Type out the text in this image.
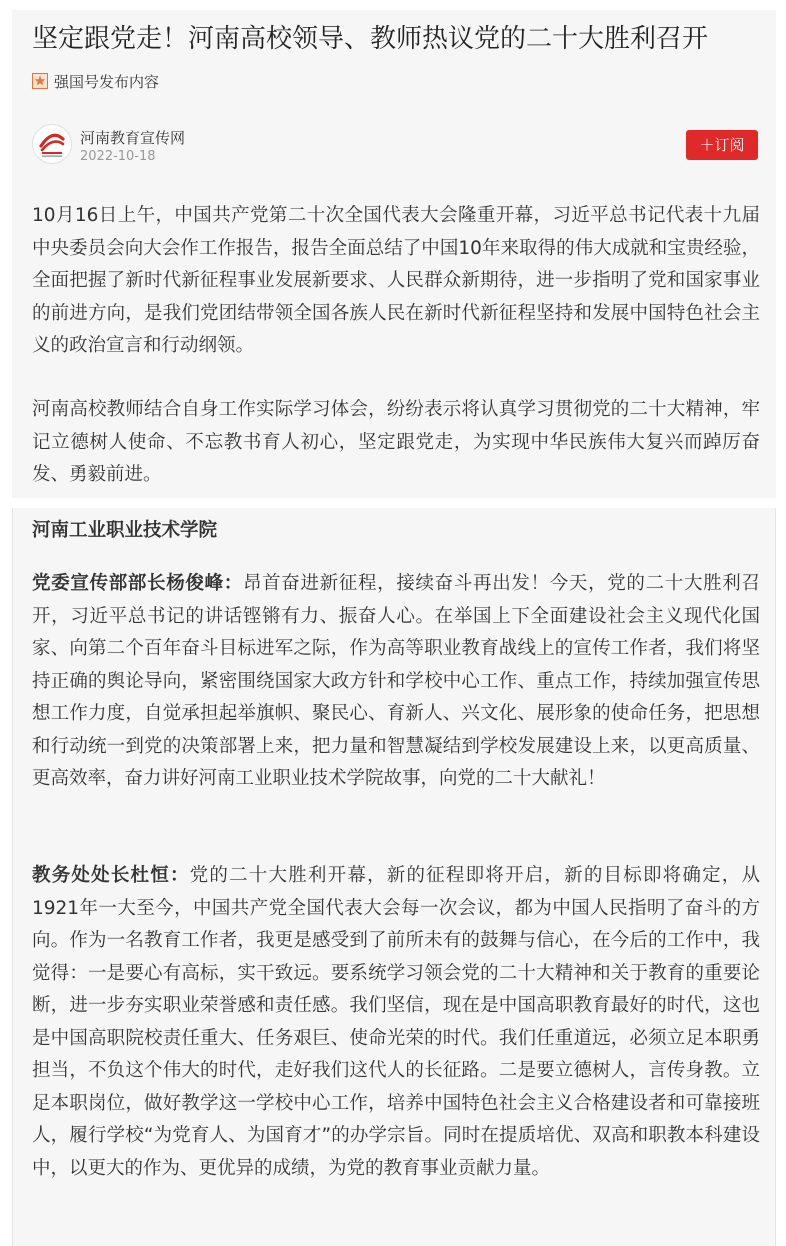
坚定跟党走！河南高校领导、教师热议党的二十大胜利召开
强国号发布内容
河南教育宣传网
2022-10-18
＋订阅

10月16日上午，中国共产党第二十次全国代表大会隆重开幕，习近平总书记代表十九届中央委员会向大会作工作报告，报告全面总结了中国10年来取得的伟大成就和宝贵经验，全面把握了新时代新征程事业发展新要求、人民群众新期待，进一步指明了党和国家事业的前进方向，是我们党团结带领全国各族人民在新时代新征程坚持和发展中国特色社会主义的政治宣言和行动纲领。

河南高校教师结合自身工作实际学习体会，纷纷表示将认真学习贯彻党的二十大精神，牢记立德树人使命、不忘教书育人初心，坚定跟党走，为实现中华民族伟大复兴而踔厉奋发、勇毅前进。

河南工业职业技术学院

党委宣传部部长杨俊峰：昂首奋进新征程，接续奋斗再出发！今天，党的二十大胜利召开，习近平总书记的讲话铿锵有力、振奋人心。在举国上下全面建设社会主义现代化国家、向第二个百年奋斗目标进军之际，作为高等职业教育战线上的宣传工作者，我们将坚持正确的舆论导向，紧密围绕国家大政方针和学校中心工作、重点工作，持续加强宣传思想工作力度，自觉承担起举旗帜、聚民心、育新人、兴文化、展形象的使命任务，把思想和行动统一到党的决策部署上来，把力量和智慧凝结到学校发展建设上来，以更高质量、更高效率，奋力讲好河南工业职业技术学院故事，向党的二十大献礼！

教务处处长杜恒：党的二十大胜利开幕，新的征程即将开启，新的目标即将确定，从1921年一大至今，中国共产党全国代表大会每一次会议，都为中国人民指明了奋斗的方向。作为一名教育工作者，我更是感受到了前所未有的鼓舞与信心，在今后的工作中，我觉得：一是要心有高标，实干致远。要系统学习领会党的二十大精神和关于教育的重要论断，进一步夯实职业荣誉感和责任感。我们坚信，现在是中国高职教育最好的时代，这也是中国高职院校责任重大、任务艰巨、使命光荣的时代。我们任重道远，必须立足本职勇担当，不负这个伟大的时代，走好我们这代人的长征路。二是要立德树人，言传身教。立足本职岗位，做好教学这一学校中心工作，培养中国特色社会主义合格建设者和可靠接班人，履行学校“为党育人、为国育才”的办学宗旨。同时在提质培优、双高和职教本科建设中，以更大的作为、更优异的成绩，为党的教育事业贡献力量。
